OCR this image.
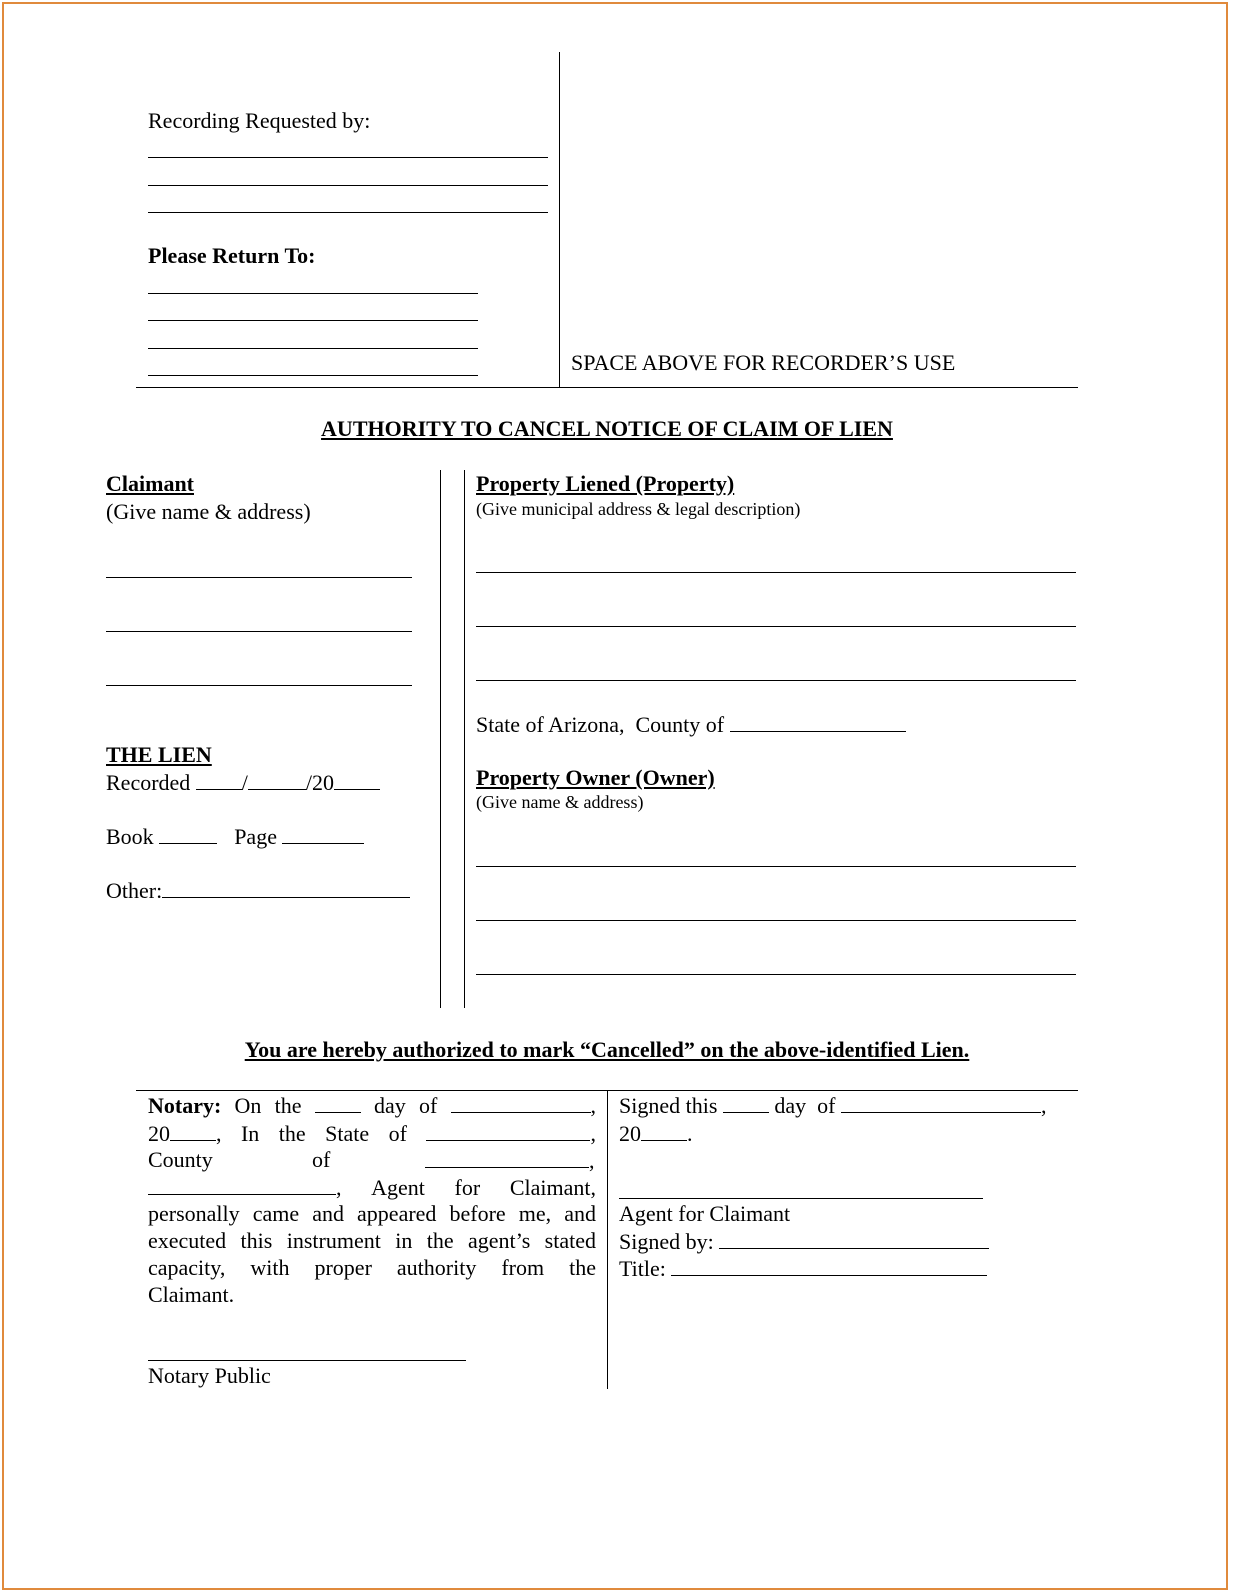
Recording Requested by:
Please Return To:
SPACE ABOVE FOR RECORDER’S USE
AUTHORITY TO CANCEL NOTICE OF CLAIM OF LIEN
Claimant
(Give name & address)
THE LIEN
Recorded /	/20
Book	Page
Other:
Property Liened (Property)
(Give municipal address & legal description)
State of Arizona,  County of
Property Owner (Owner)
(Give name & address)
You are hereby authorized to mark “Cancelled” on the above-identified Lien.
Notary: On the	day of	,
20 , In the State of	,
County	of	,
, Agent for Claimant,
personally came and appeared before me, and
executed this instrument in the agent’s stated
capacity, with proper authority from the
Claimant.
Notary Public
Signed this	day  of	,
20 .
Agent for Claimant
Signed by:
Title:
